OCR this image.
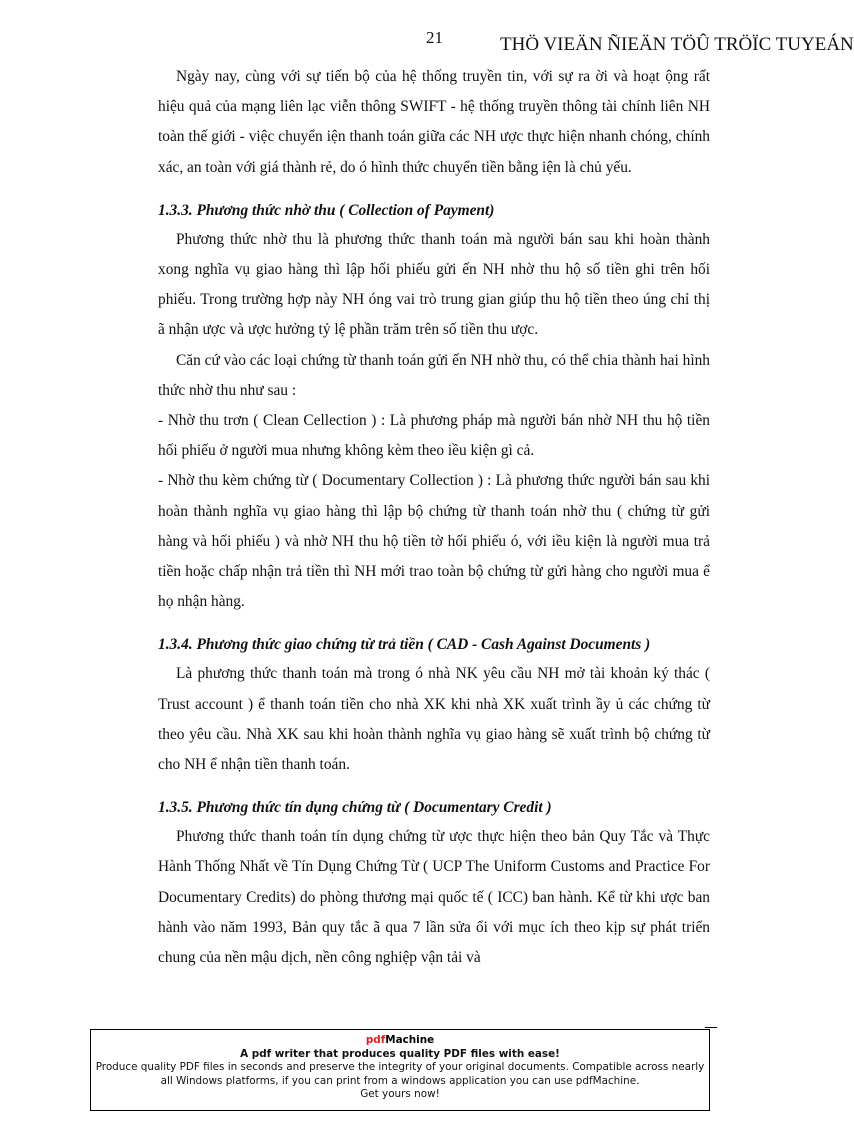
21	THÖ VIEÄN ÑIEÄN TÖÛ TRÖÏC TUYEÁN

Ngày nay, cùng với sự tiến bộ của hệ thống truyền tin, với sự ra ời và hoạt ộng rất hiệu quả của mạng liên lạc viễn thông SWIFT - hệ thống truyền thông tài chính liên NH toàn thế giới - việc chuyển iện thanh toán giữa các NH ược thực hiện nhanh chóng, chính xác, an toàn với giá thành rẻ, do ó hình thức chuyển tiền bằng iện là chủ yếu.

1.3.3. Phương thức nhờ thu ( Collection of Payment)

Phương thức nhờ thu là phương thức thanh toán mà người bán sau khi hoàn thành xong nghĩa vụ giao hàng thì lập hối phiếu gửi ến NH nhờ thu hộ số tiền ghi trên hối phiếu. Trong trường hợp này NH óng vai trò trung gian giúp thu hộ tiền theo úng chỉ thị ã nhận ược và ược hưởng tỷ lệ phần trăm trên số tiền thu ược.

Căn cứ vào các loại chứng từ thanh toán gửi ến NH nhờ thu, có thể chia thành hai hình thức nhờ thu như sau :

- Nhờ thu trơn ( Clean Cellection ) : Là phương pháp mà người bán nhờ NH thu hộ tiền hối phiếu ở người mua nhưng không kèm theo iều kiện gì cả.

- Nhờ thu kèm chứng từ ( Documentary Collection ) : Là phương thức người bán sau khi hoàn thành nghĩa vụ giao hàng thì lập bộ chứng từ thanh toán nhờ thu ( chứng từ gửi hàng và hối phiếu ) và nhờ NH thu hộ tiền tờ hối phiếu ó, với iều kiện là người mua trả tiền hoặc chấp nhận trả tiền thì NH mới trao toàn bộ chứng từ gửi hàng cho người mua ể họ nhận hàng.

1.3.4. Phương thức giao chứng từ trả tiền ( CAD - Cash Against Documents )

Là phương thức thanh toán mà trong ó nhà NK yêu cầu NH mở tài khoản ký thác ( Trust account ) ể thanh toán tiền cho nhà XK khi nhà XK xuất trình ầy ủ các chứng từ theo yêu cầu. Nhà XK sau khi hoàn thành nghĩa vụ giao hàng sẽ xuất trình bộ chứng từ cho NH ể nhận tiền thanh toán.

1.3.5. Phương thức tín dụng chứng từ ( Documentary Credit )

Phương thức thanh toán tín dụng chứng từ ược thực hiện theo bản Quy Tắc và Thực Hành Thống Nhất về Tín Dụng Chứng Từ ( UCP The Uniform Customs and Practice For Documentary Credits) do phòng thương mại quốc tế ( ICC) ban hành. Kể từ khi ược ban hành vào năm 1993, Bản quy tắc ã qua 7 lần sửa ổi với mục ích theo kịp sự phát triển chung của nền mậu dịch, nền công nghiệp vận tải và

pdfMachine
A pdf writer that produces quality PDF files with ease!
Produce quality PDF files in seconds and preserve the integrity of your original documents. Compatible across nearly all Windows platforms, if you can print from a windows application you can use pdfMachine.
Get yours now!
